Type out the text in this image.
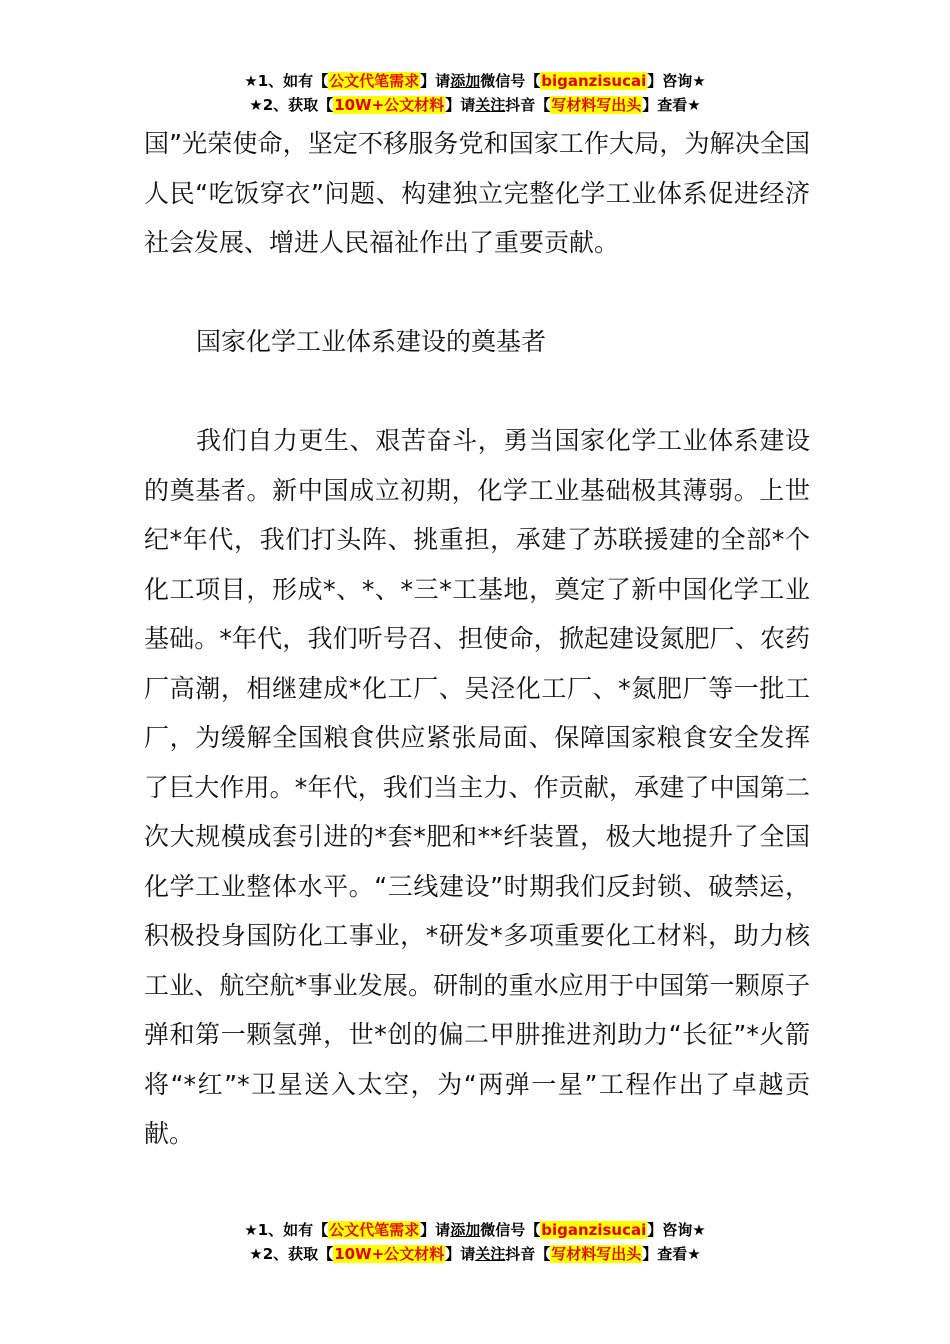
★1、如有【公文代笔需求】请添加微信号【biganzisucai】咨询★
★2、获取【10W+公文材料】请关注抖音【写材料写出头】查看★

国”光荣使命，坚定不移服务党和国家工作大局，为解决全国人民“吃饭穿衣”问题、构建独立完整化学工业体系促进经济社会发展、增进人民福祉作出了重要贡献。

国家化学工业体系建设的奠基者

我们自力更生、艰苦奋斗，勇当国家化学工业体系建设的奠基者。新中国成立初期，化学工业基础极其薄弱。上世纪*年代，我们打头阵、挑重担，承建了苏联援建的全部*个化工项目，形成*、*、*三*工基地，奠定了新中国化学工业基础。*年代，我们听号召、担使命，掀起建设氮肥厂、农药厂高潮，相继建成*化工厂、吴泾化工厂、*氮肥厂等一批工厂，为缓解全国粮食供应紧张局面、保障国家粮食安全发挥了巨大作用。*年代，我们当主力、作贡献，承建了中国第二次大规模成套引进的*套*肥和**纤装置，极大地提升了全国化学工业整体水平。“三线建设”时期我们反封锁、破禁运，积极投身国防化工事业，*研发*多项重要化工材料，助力核工业、航空航*事业发展。研制的重水应用于中国第一颗原子弹和第一颗氢弹，世*创的偏二甲肼推进剂助力“长征”*火箭将“*红”*卫星送入太空，为“两弹一星”工程作出了卓越贡献。

★1、如有【公文代笔需求】请添加微信号【biganzisucai】咨询★
★2、获取【10W+公文材料】请关注抖音【写材料写出头】查看★
